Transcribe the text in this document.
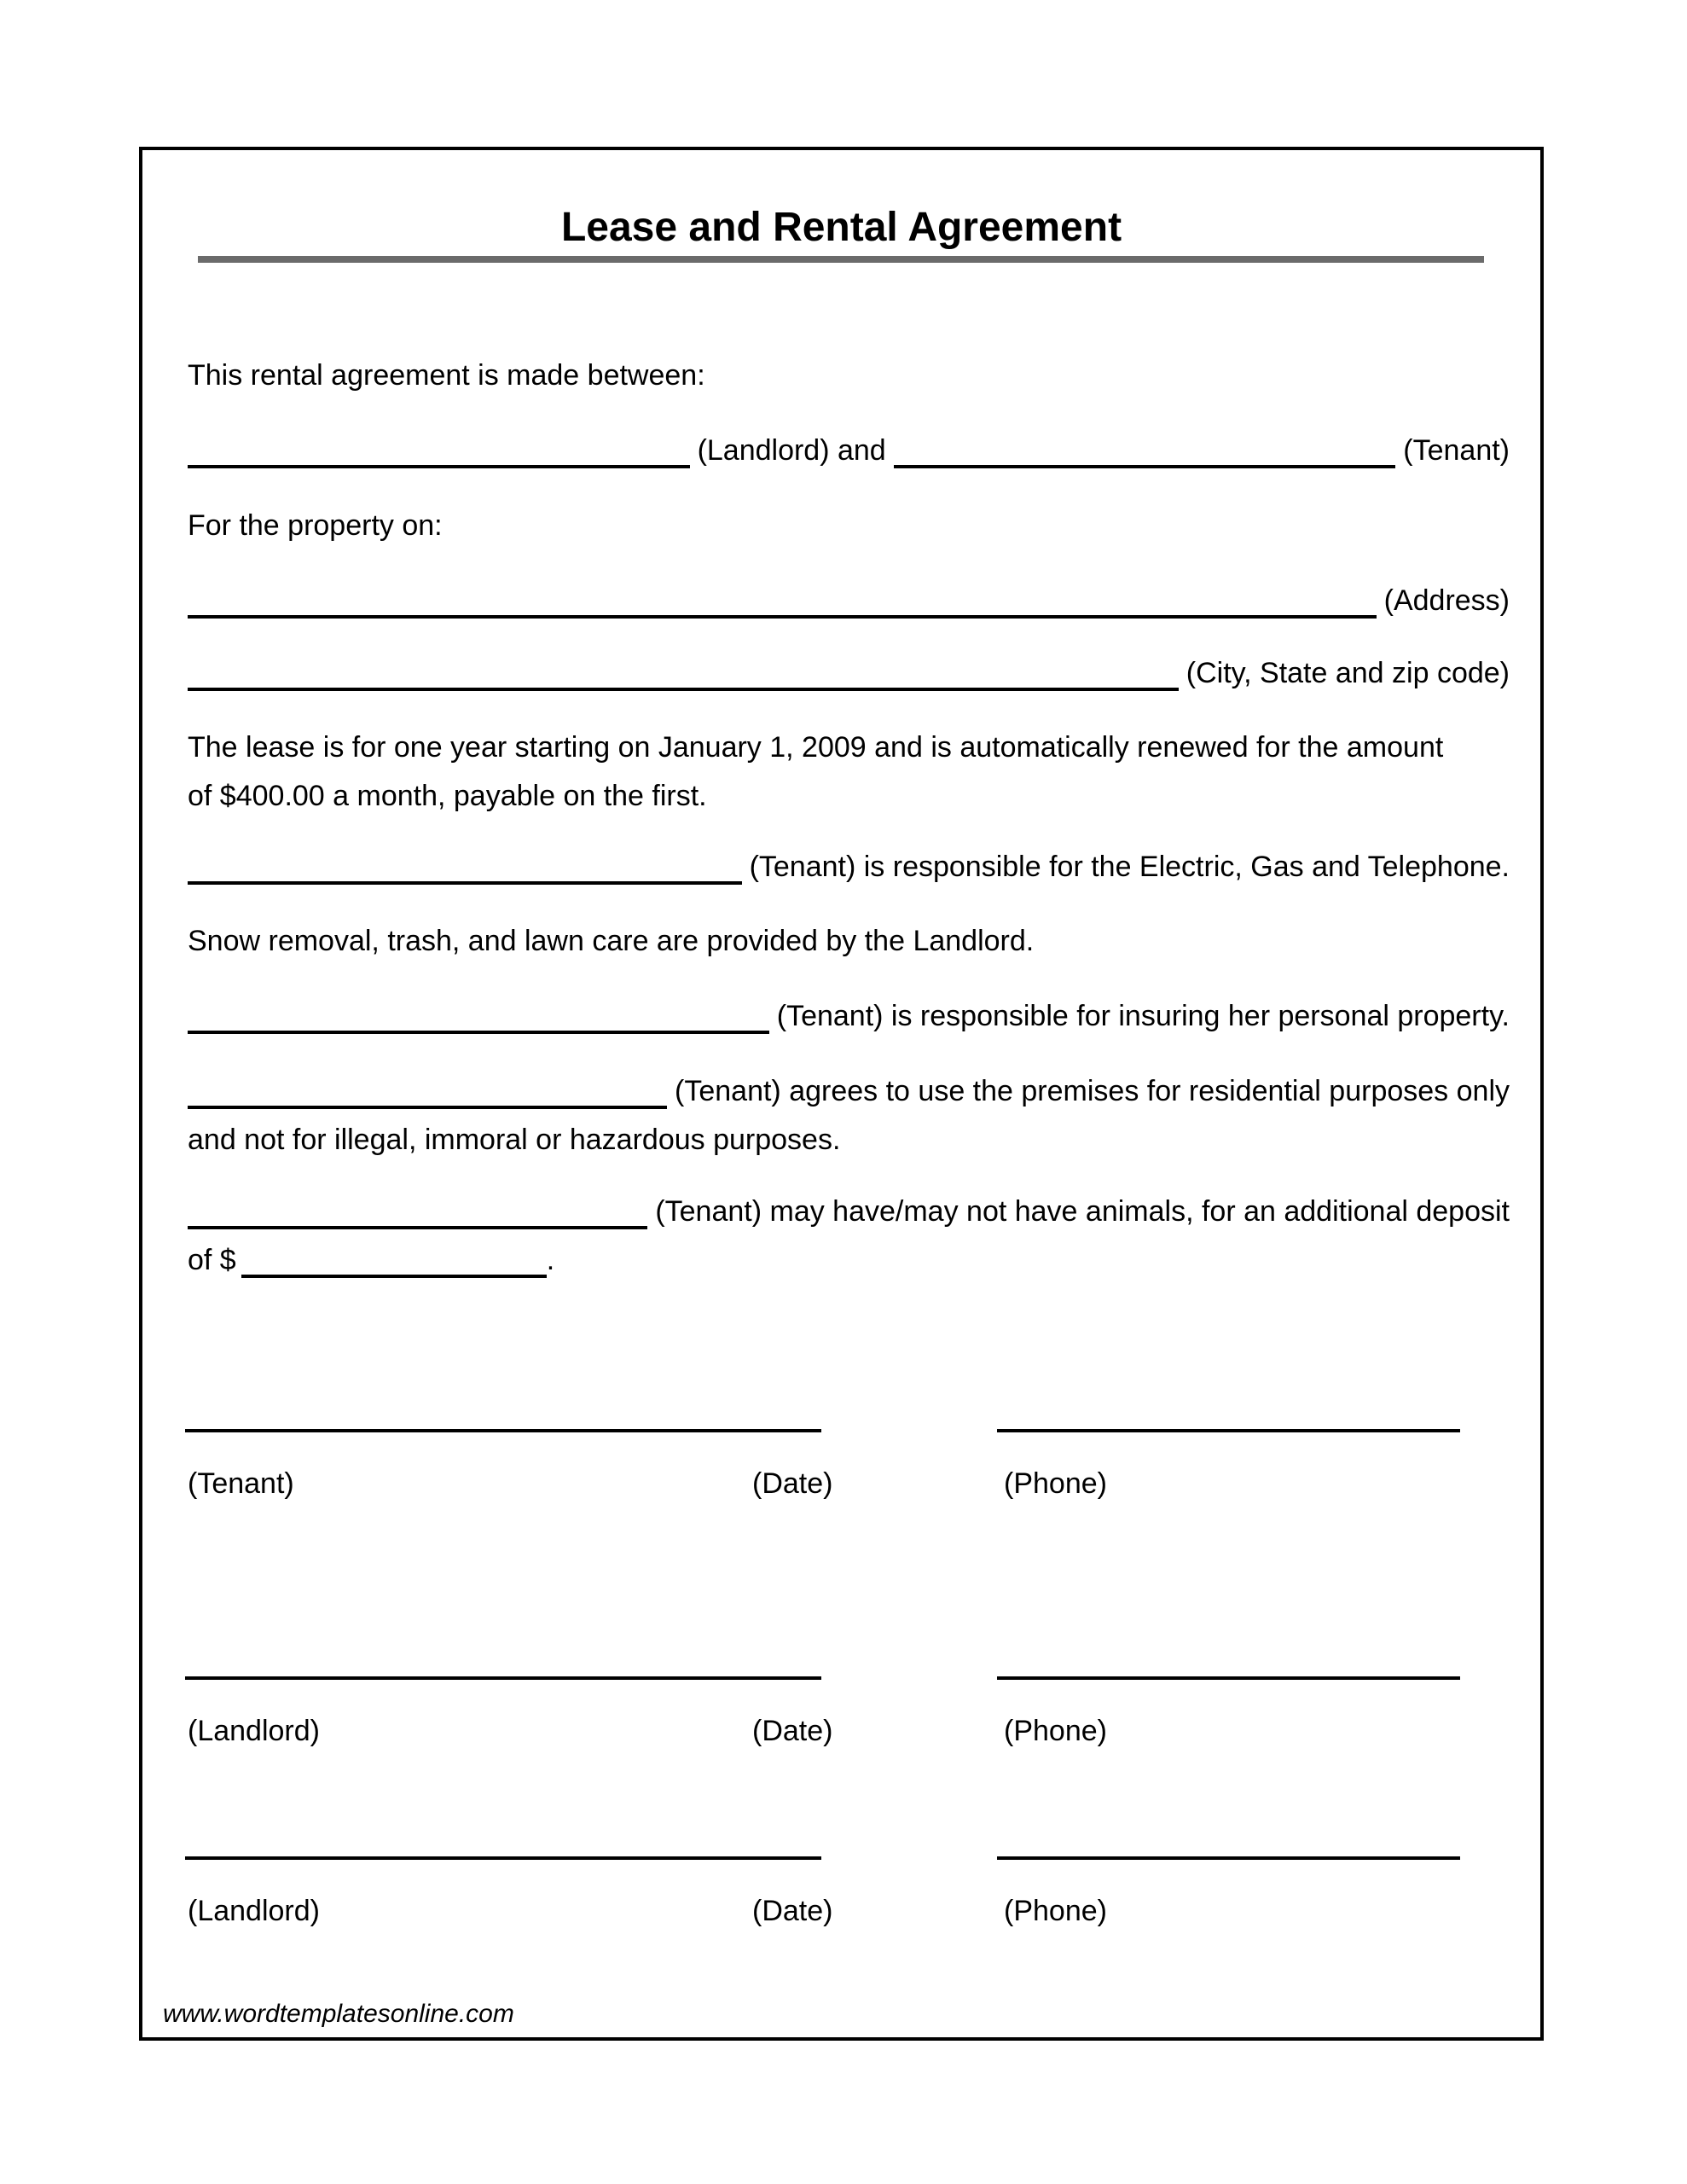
Lease and Rental Agreement

This rental agreement is made between:

(Landlord) and	(Tenant)

For the property on:

(Address)
(City, State and zip code)
The lease is for one year starting on January 1, 2009 and is automatically renewed for the amount
of $400.00 a month, payable on the first.
(Tenant) is responsible for the Electric, Gas and Telephone.

Snow removal, trash, and lawn care are provided by the Landlord.

(Tenant) is responsible for insuring her personal property.
(Tenant) agrees to use the premises for residential purposes only

and not for illegal, immoral or hazardous purposes.

(Tenant) may have/may not have animals, for an additional deposit
of $	.
(Tenant)	(Date)	(Phone)
(Landlord)	(Date)	(Phone)
(Landlord)	(Date)	(Phone)
www.wordtemplatesonline.com
